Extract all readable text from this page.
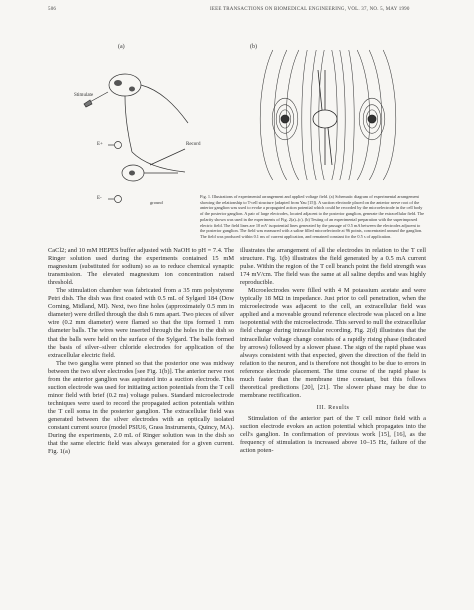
506	IEEE TRANSACTIONS ON BIOMEDICAL ENGINEERING, VOL. 37, NO. 5, MAY 1990
(a)	(b)
Stimulate
Record
E+
E-
ground
Fig. 1. Illustrations of experimental arrangement and applied voltage field. (a) Schematic diagram of experimental arrangement showing the relationship to T-cell structure (adapted from Yau [15]). A suction electrode placed on the anterior nerve root of the anterior ganglion was used to evoke a propagated action potential which could be recorded by the microelectrode in the cell body of the posterior ganglion. A pair of large electrodes, located adjacent to the posterior ganglion, generate the extracellular field. The polarity shown was used in the experiments of Fig. 2(a)–(c). (b) Testing of an experimental preparation with the superimposed electric field. The field lines are 10 mV isopotential lines generated by the passage of 0.5 mA between the electrodes adjacent to the posterior ganglion. The field was measured with a saline filled microelectrode at 96 points, concentrated around the ganglion. The field was produced within 0.1 ms of current application, and remained constant for the 0.5 s of application.

CaCl2; and 10 mM HEPES buffer adjusted with NaOH to pH = 7.4. The Ringer solution used during the experiments contained 15 mM magnesium (substituted for sodium) so as to reduce chemical synaptic transmission. The elevated magnesium ion concentration raised threshold.

The stimulation chamber was fabricated from a 35 mm polystyrene Petri dish. The dish was first coated with 0.5 mL of Sylgard 184 (Dow Corning, Midland, MI). Next, two fine holes (approximately 0.5 mm in diameter) were drilled through the dish 6 mm apart. Two pieces of silver wire (0.2 mm diameter) were flamed so that the tips formed 1 mm diameter balls. The wires were inserted through the holes in the dish so that the balls were held on the surface of the Sylgard. The balls formed the basis of silver–silver chloride electrodes for application of the extracellular electric field.

The two ganglia were pinned so that the posterior one was midway between the two silver electrodes [see Fig. 1(b)]. The anterior nerve root from the anterior ganglion was aspirated into a suction electrode. This suction electrode was used for initiating action potentials from the T cell minor field with brief (0.2 ms) voltage pulses. Standard microelectrode techniques were used to record the propagated action potentials within the T cell soma in the posterior ganglion. The extracellular field was generated between the silver electrodes with an optically isolated constant current source (model PSIU6, Grass Instruments, Quincy, MA). During the experiments, 2.0 mL of Ringer solution was in the dish so that the same electric field was always generated for a given current. Fig. 1(a)

illustrates the arrangement of all the electrodes in relation to the T cell structure. Fig. 1(b) illustrates the field generated by a 0.5 mA current pulse. Within the region of the T cell branch point the field strength was 174 mV/cm. The field was the same at all saline depths and was highly reproducible.

Microelectrodes were filled with 4 M potassium acetate and were typically 18 MΩ in impedance. Just prior to cell penetration, when the microelectrode was adjacent to the cell, an extracellular field was applied and a moveable ground reference electrode was placed on a line isopotential with the microelectrode. This served to null the extracellular field change during intracellular recording. Fig. 2(d) illustrates that the intracellular voltage change consists of a rapidly rising phase (indicated by arrows) followed by a slower phase. The sign of the rapid phase was always consistent with that expected, given the direction of the field in relation to the neuron, and is therefore not thought to be due to errors in reference electrode placement. The time course of the rapid phase is much faster than the membrane time constant, but this follows theoretical predictions [20], [21]. The slower phase may be due to membrane rectification.

III. Results

Stimulation of the anterior part of the T cell minor field with a suction electrode evokes an action potential which propagates into the cell's ganglion. In confirmation of previous work [15], [16], as the frequency of stimulation is increased above 10–15 Hz, failure of the action poten-
